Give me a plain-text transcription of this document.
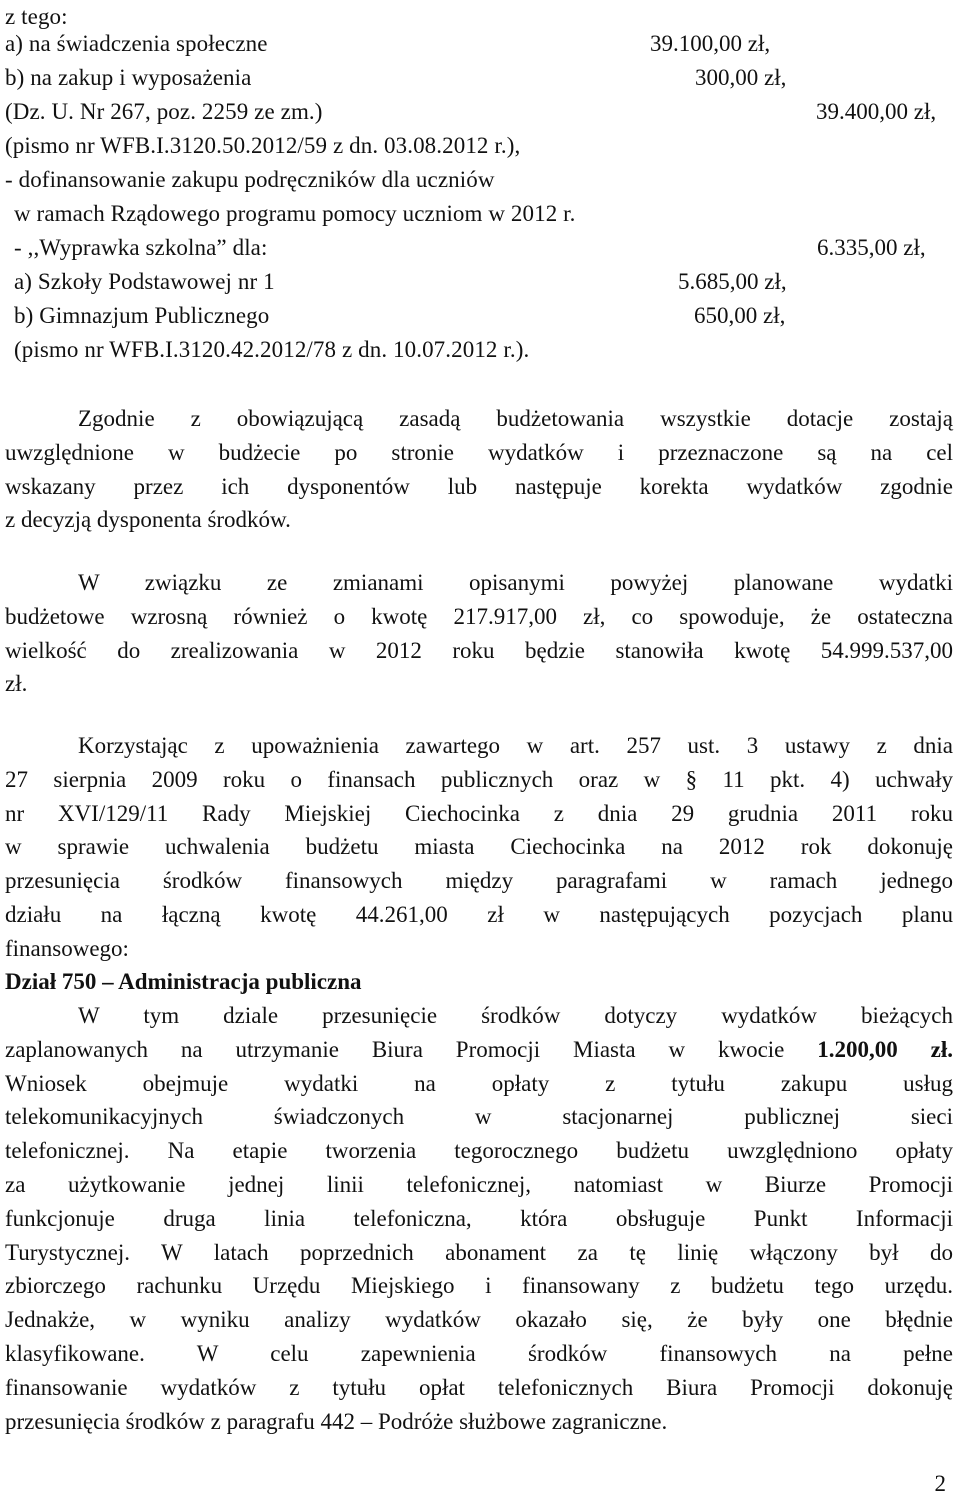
z tego:
a) na świadczenia społeczne	39.100,00 zł,
b) na zakup i wyposażenia	300,00 zł,
(Dz. U. Nr 267, poz. 2259 ze zm.)	39.400,00 zł,
(pismo nr WFB.I.3120.50.2012/59 z dn. 03.08.2012 r.),
- dofinansowanie zakupu podręczników dla uczniów
w ramach Rządowego programu pomocy uczniom w 2012 r.
- ,,Wyprawka szkolna” dla:	6.335,00 zł,
a) Szkoły Podstawowej nr 1	5.685,00 zł,
b) Gimnazjum Publicznego	650,00 zł,
(pismo nr WFB.I.3120.42.2012/78 z dn. 10.07.2012 r.).

Zgodnie z obowiązującą zasadą budżetowania wszystkie dotacje zostają

uwzględnione w budżecie po stronie wydatków i przeznaczone są na cel

wskazany przez ich dysponentów lub następuje korekta wydatków zgodnie

z decyzją dysponenta środków.

W związku ze zmianami opisanymi powyżej planowane wydatki

budżetowe wzrosną również o kwotę 217.917,00 zł, co spowoduje, że ostateczna

wielkość do zrealizowania w 2012 roku będzie stanowiła kwotę 54.999.537,00

zł.

Korzystając z upoważnienia zawartego w art. 257 ust. 3 ustawy z dnia

27 sierpnia 2009 roku o finansach publicznych oraz w § 11 pkt. 4) uchwały

nr XVI/129/11 Rady Miejskiej Ciechocinka z dnia 29 grudnia 2011 roku

w sprawie uchwalenia budżetu miasta Ciechocinka na 2012 rok dokonuję

przesunięcia środków finansowych między paragrafami w ramach jednego

działu na łączną kwotę 44.261,00 zł w następujących pozycjach planu

finansowego:

Dział 750 – Administracja publiczna

W tym dziale przesunięcie środków dotyczy wydatków bieżących

zaplanowanych na utrzymanie Biura Promocji Miasta w kwocie 1.200,00 zł.

Wniosek obejmuje wydatki na opłaty z tytułu zakupu usług

telekomunikacyjnych świadczonych w stacjonarnej publicznej sieci

telefonicznej. Na etapie tworzenia tegorocznego budżetu uwzględniono opłaty

za użytkowanie jednej linii telefonicznej, natomiast w Biurze Promocji

funkcjonuje druga linia telefoniczna, która obsługuje Punkt Informacji

Turystycznej. W latach poprzednich abonament za tę linię włączony był do

zbiorczego rachunku Urzędu Miejskiego i finansowany z budżetu tego urzędu.

Jednakże, w wyniku analizy wydatków okazało się, że były one błędnie

klasyfikowane. W celu zapewnienia środków finansowych na pełne

finansowanie wydatków z tytułu opłat telefonicznych Biura Promocji dokonuję

przesunięcia środków z paragrafu 442 – Podróże służbowe zagraniczne.

2
